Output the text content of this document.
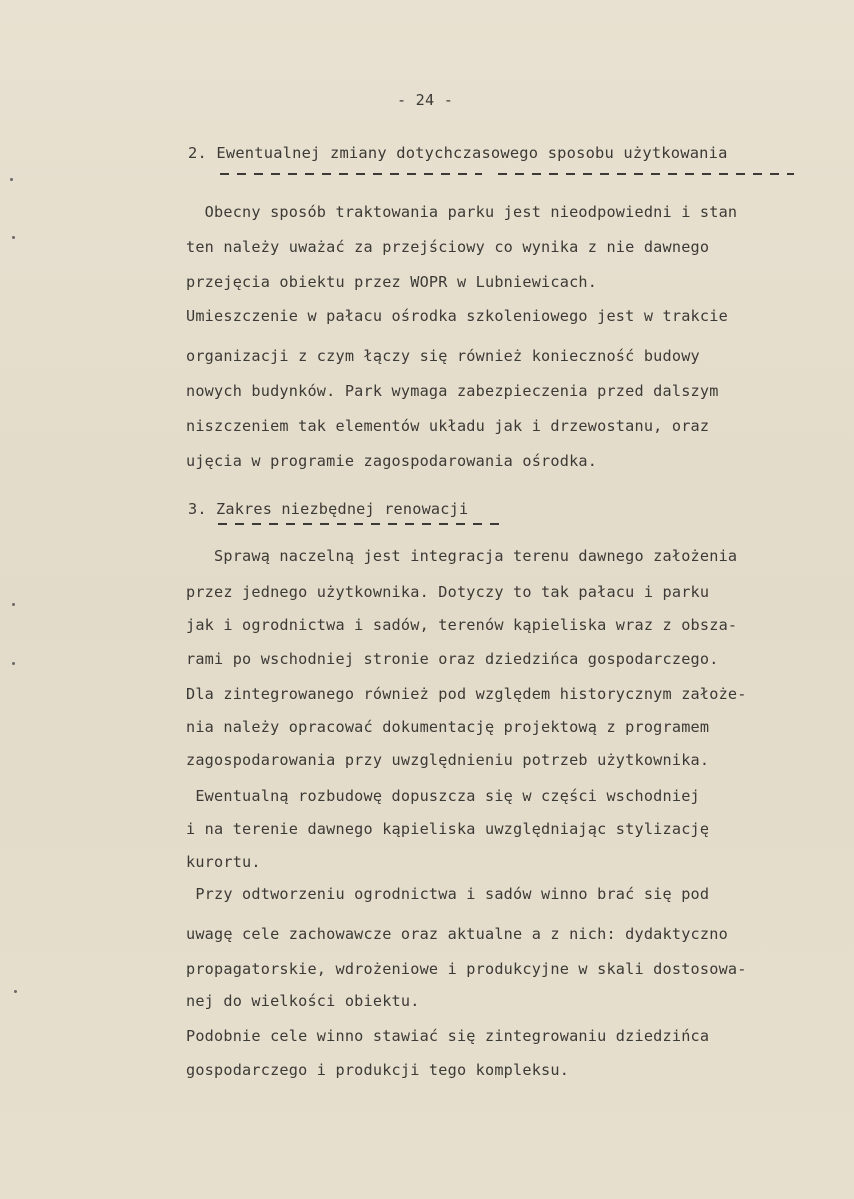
- 24 -
2. Ewentualnej zmiany dotychczasowego sposobu użytkowania
Obecny sposób traktowania parku jest nieodpowiedni i stan
ten należy uważać za przejściowy co wynika z nie dawnego
przejęcia obiektu przez WOPR w Lubniewicach.
Umieszczenie w pałacu ośrodka szkoleniowego jest w trakcie
organizacji z czym łączy się również konieczność budowy
nowych budynków. Park wymaga zabezpieczenia przed dalszym
niszczeniem tak elementów układu jak i drzewostanu, oraz
ujęcia w programie zagospodarowania ośrodka.
3. Zakres niezbędnej renowacji
Sprawą naczelną jest integracja terenu dawnego założenia
przez jednego użytkownika. Dotyczy to tak pałacu i parku
jak i ogrodnictwa i sadów, terenów kąpieliska wraz z obsza-
rami po wschodniej stronie oraz dziedzińca gospodarczego.
Dla zintegrowanego również pod względem historycznym założe-
nia należy opracować dokumentację projektową z programem
zagospodarowania przy uwzględnieniu potrzeb użytkownika.
Ewentualną rozbudowę dopuszcza się w części wschodniej
i na terenie dawnego kąpieliska uwzględniając stylizację
kurortu.
Przy odtworzeniu ogrodnictwa i sadów winno brać się pod
uwagę cele zachowawcze oraz aktualne a z nich: dydaktyczno
propagatorskie, wdrożeniowe i produkcyjne w skali dostosowa-
nej do wielkości obiektu.
Podobnie cele winno stawiać się zintegrowaniu dziedzińca
gospodarczego i produkcji tego kompleksu.
